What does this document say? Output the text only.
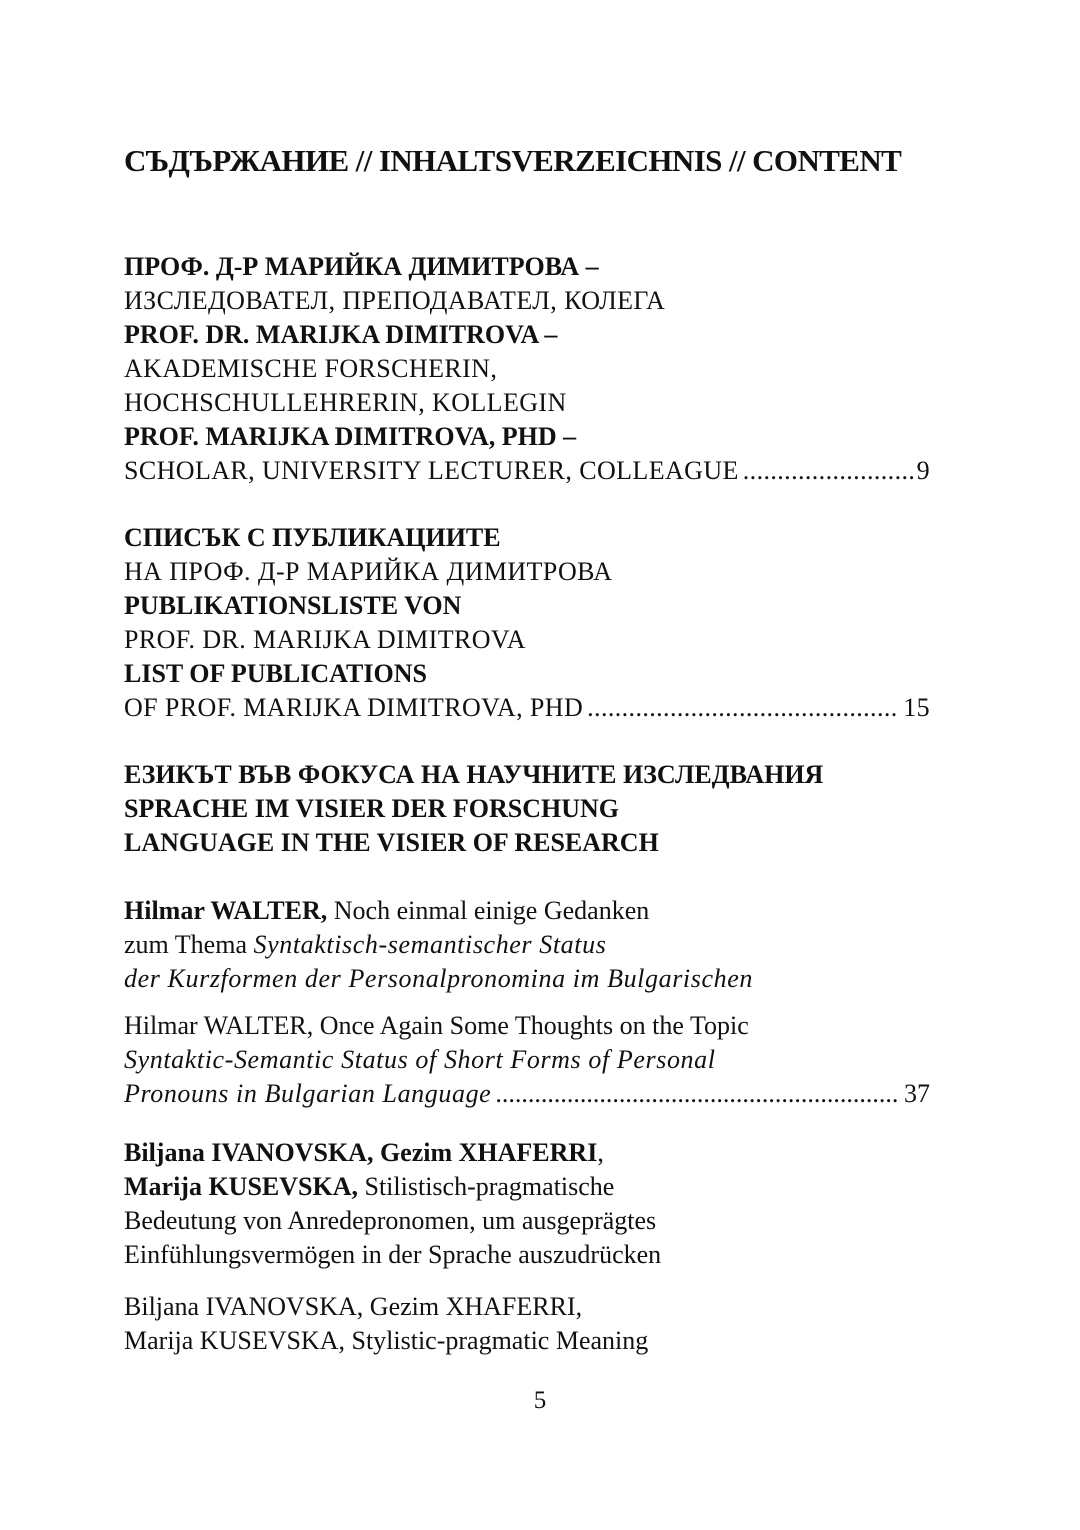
СЪДЪРЖАНИЕ // INHALTSVERZEICHNIS // CONTENT
ПРОФ. Д-Р МАРИЙКА ДИМИТРОВА –
ИЗСЛЕДОВАТЕЛ, ПРЕПОДАВАТЕЛ, КОЛЕГА
PROF. DR. MARIJKA DIMITROVA –
AKADEMISCHE FORSCHERIN,
HOCHSCHULLEHRERIN, KOLLEGIN
PROF. MARIJKA DIMITROVA, PHD –
SCHOLAR, UNIVERSITY LECTURER, COLLEAGUE .....	9
СПИСЪК С ПУБЛИКАЦИИТЕ
НА ПРОФ. Д-Р МАРИЙКА ДИМИТРОВА
PUBLIKATIONSLISTE VON
PROF. DR. MARIJKA DIMITROVA
LIST OF PUBLICATIONS
OF PROF. MARIJKA DIMITROVA, PHD .....	15
ЕЗИКЪТ ВЪВ ФОКУСА НА НАУЧНИТЕ ИЗСЛЕДВАНИЯ
SPRACHE IM VISIER DER FORSCHUNG
LANGUAGE IN THE VISIER OF RESEARCH
Hilmar WALTER, Noch einmal einige Gedanken
zum Thema Syntaktisch-semantischer Status
der Kurzformen der Personalpronomina im Bulgarischen
Hilmar WALTER, Once Again Some Thoughts on the Topic
Syntaktic-Semantic Status of Short Forms of Personal
Pronouns in Bulgarian Language .....	37
Biljana IVANOVSKA, Gezim XHAFERRI,
Marija KUSEVSKA, Stilistisch-pragmatische
Bedeutung von Anredepronomen, um ausgeprägtes
Einfühlungsvermögen in der Sprache auszudrücken
Biljana IVANOVSKA, Gezim XHAFERRI,
Marija KUSEVSKA, Stylistic-pragmatic Meaning
5
